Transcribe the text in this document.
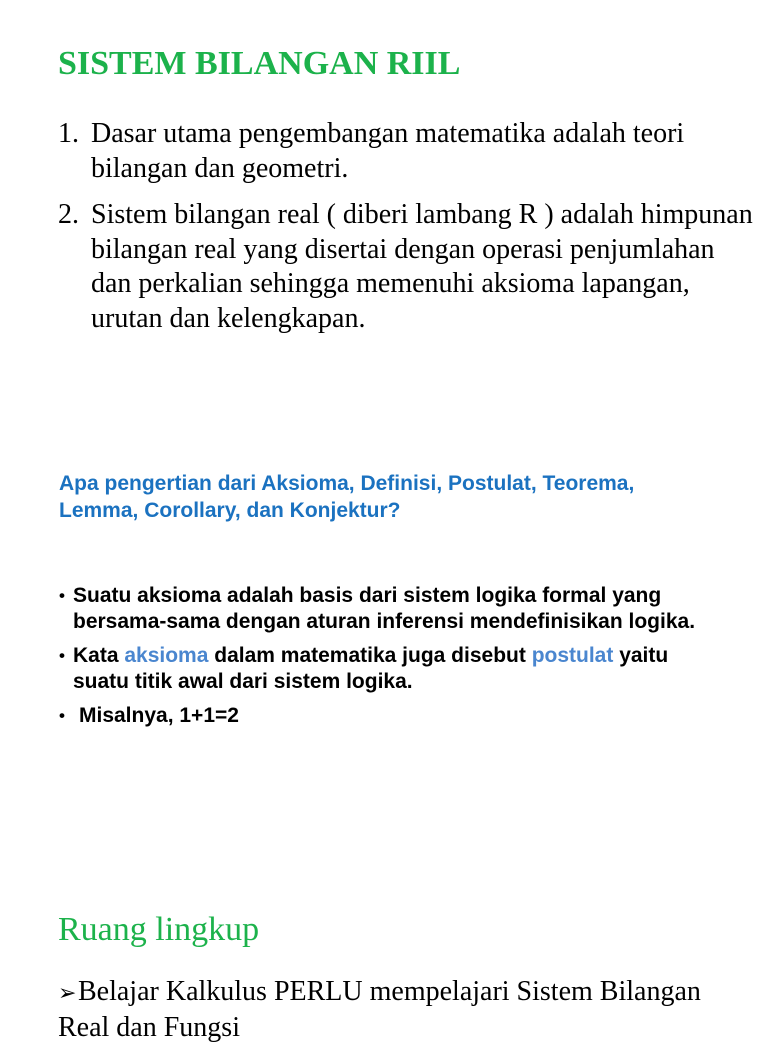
SISTEM BILANGAN RIIL
1. Dasar utama pengembangan matematika adalah teori bilangan dan geometri.
2. Sistem bilangan real ( diberi lambang R ) adalah himpunan bilangan real yang disertai dengan operasi penjumlahan dan perkalian sehingga memenuhi aksioma lapangan, urutan dan kelengkapan.
Apa pengertian dari Aksioma, Definisi, Postulat, Teorema, Lemma, Corollary, dan Konjektur?
• Suatu aksioma adalah basis dari sistem logika formal yang bersama-sama dengan aturan inferensi mendefinisikan logika.
• Kata aksioma dalam matematika juga disebut postulat yaitu suatu titik awal dari sistem logika.
• Misalnya, 1+1=2
Ruang lingkup
➢Belajar Kalkulus PERLU mempelajari Sistem Bilangan Real dan Fungsi
